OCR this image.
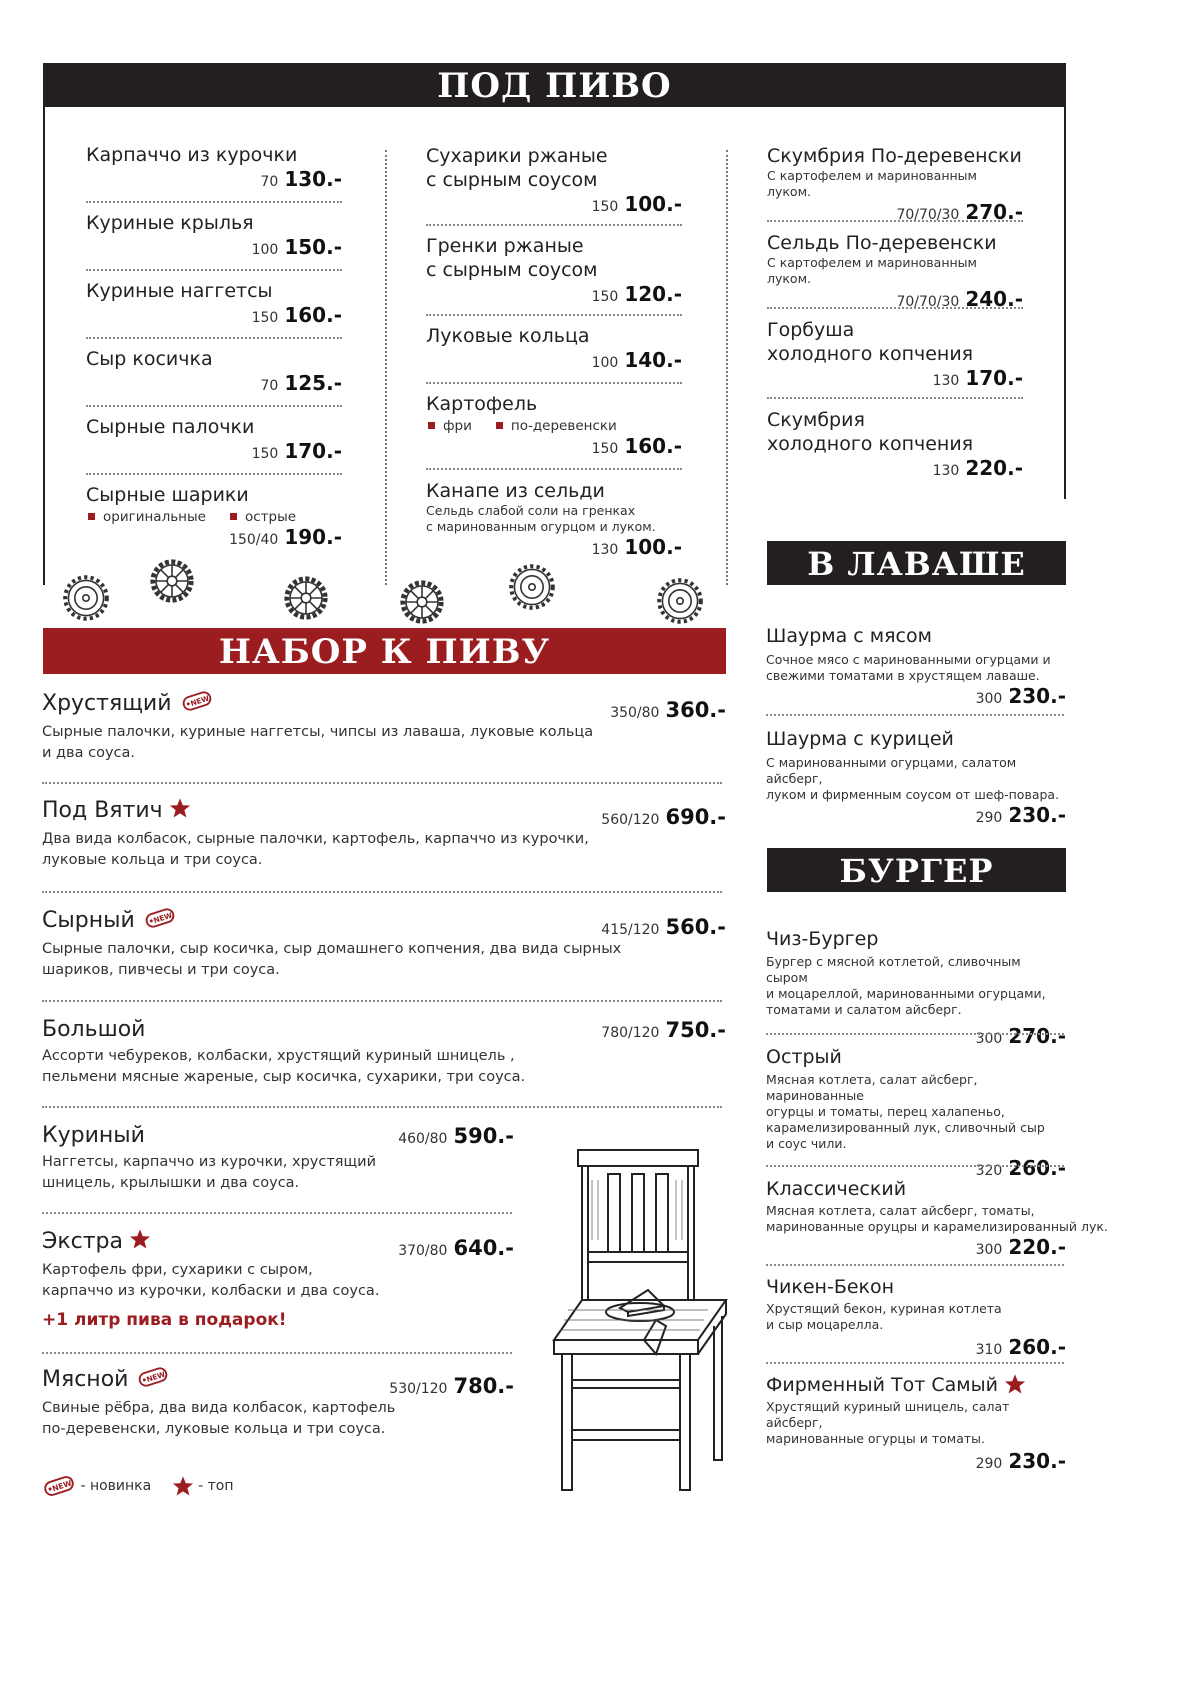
ПОД ПИВО
Карпаччо из курочки
70 130.-
Куриные крылья
100 150.-
Куриные наггетсы
150 160.-
Сыр косичка
70 125.-
Сырные палочки
150 170.-
Сырные шарики
оригинальные	острые
150/40 190.-
Сухарики ржаные
с сырным соусом
150 100.-
Гренки ржаные
с сырным соусом
150 120.-
Луковые кольца
100 140.-
Картофель
фри	по-деревенски
150 160.-
Канапе из сельди
Сельдь слабой соли на гренках
с маринованным огурцом и луком.
130 100.-
Скумбрия По-деревенски
С картофелем и маринованным луком.
70/70/30 270.-
Сельдь По-деревенски
С картофелем и маринованным луком.
70/70/30 240.-
Горбуша
холодного копчения
130 170.-
Скумбрия
холодного копчения
130 220.-
НАБОР К ПИВУ
Хрустящий	350/80 360.-
Сырные палочки, куриные наггетсы, чипсы из лаваша, луковые кольца
и два соуса.
Под Вятич	560/120 690.-
Два вида колбасок, сырные палочки, картофель, карпаччо из курочки,
луковые кольца и три соуса.
Сырный	415/120 560.-
Сырные палочки, сыр косичка, сыр домашнего копчения, два вида сырных
шариков, пивчесы и три соуса.
Большой	780/120 750.-
Ассорти чебуреков, колбаски, хрустящий куриный шницель ,
пельмени мясные жареные, сыр косичка, сухарики, три соуса.
Куриный	460/80 590.-
Наггетсы, карпаччо из курочки, хрустящий
шницель, крылышки и два соуса.
Экстра	370/80 640.-
Картофель фри, сухарики с сыром,
карпаччо из курочки, колбаски и два соуса.
+1 литр пива в подарок!
Мясной	530/120 780.-
Свиные рёбра, два вида колбасок, картофель
по-деревенски, луковые кольца и три соуса.
- новинка	- топ
В ЛАВАШЕ
Шаурма с мясом
Сочное мясо с маринованными огурцами и
свежими томатами в хрустящем лаваше.
300 230.-
Шаурма с курицей
С маринованными огурцами, салатом айсберг,
луком и фирменным соусом от шеф-повара.
290 230.-
БУРГЕР
Чиз-Бургер
Бургер с мясной котлетой, сливочным сыром
и моцареллой, маринованными огурцами,
томатами и салатом айсберг.
300 270.-
Острый
Мясная котлета, салат айсберг, маринованные
огурцы и томаты, перец халапеньо,
карамелизированный лук, сливочный сыр
и соус чили.
320 260.-
Классический
Мясная котлета, салат айсберг, томаты,
маринованные оруцры и карамелизированный лук.
300 220.-
Чикен-Бекон
Хрустящий бекон, куриная котлета
и сыр моцарелла.
310 260.-
Фирменный Тот Самый
Хрустящий куриный шницель, салат айсберг,
маринованные огурцы и томаты.
290 230.-
